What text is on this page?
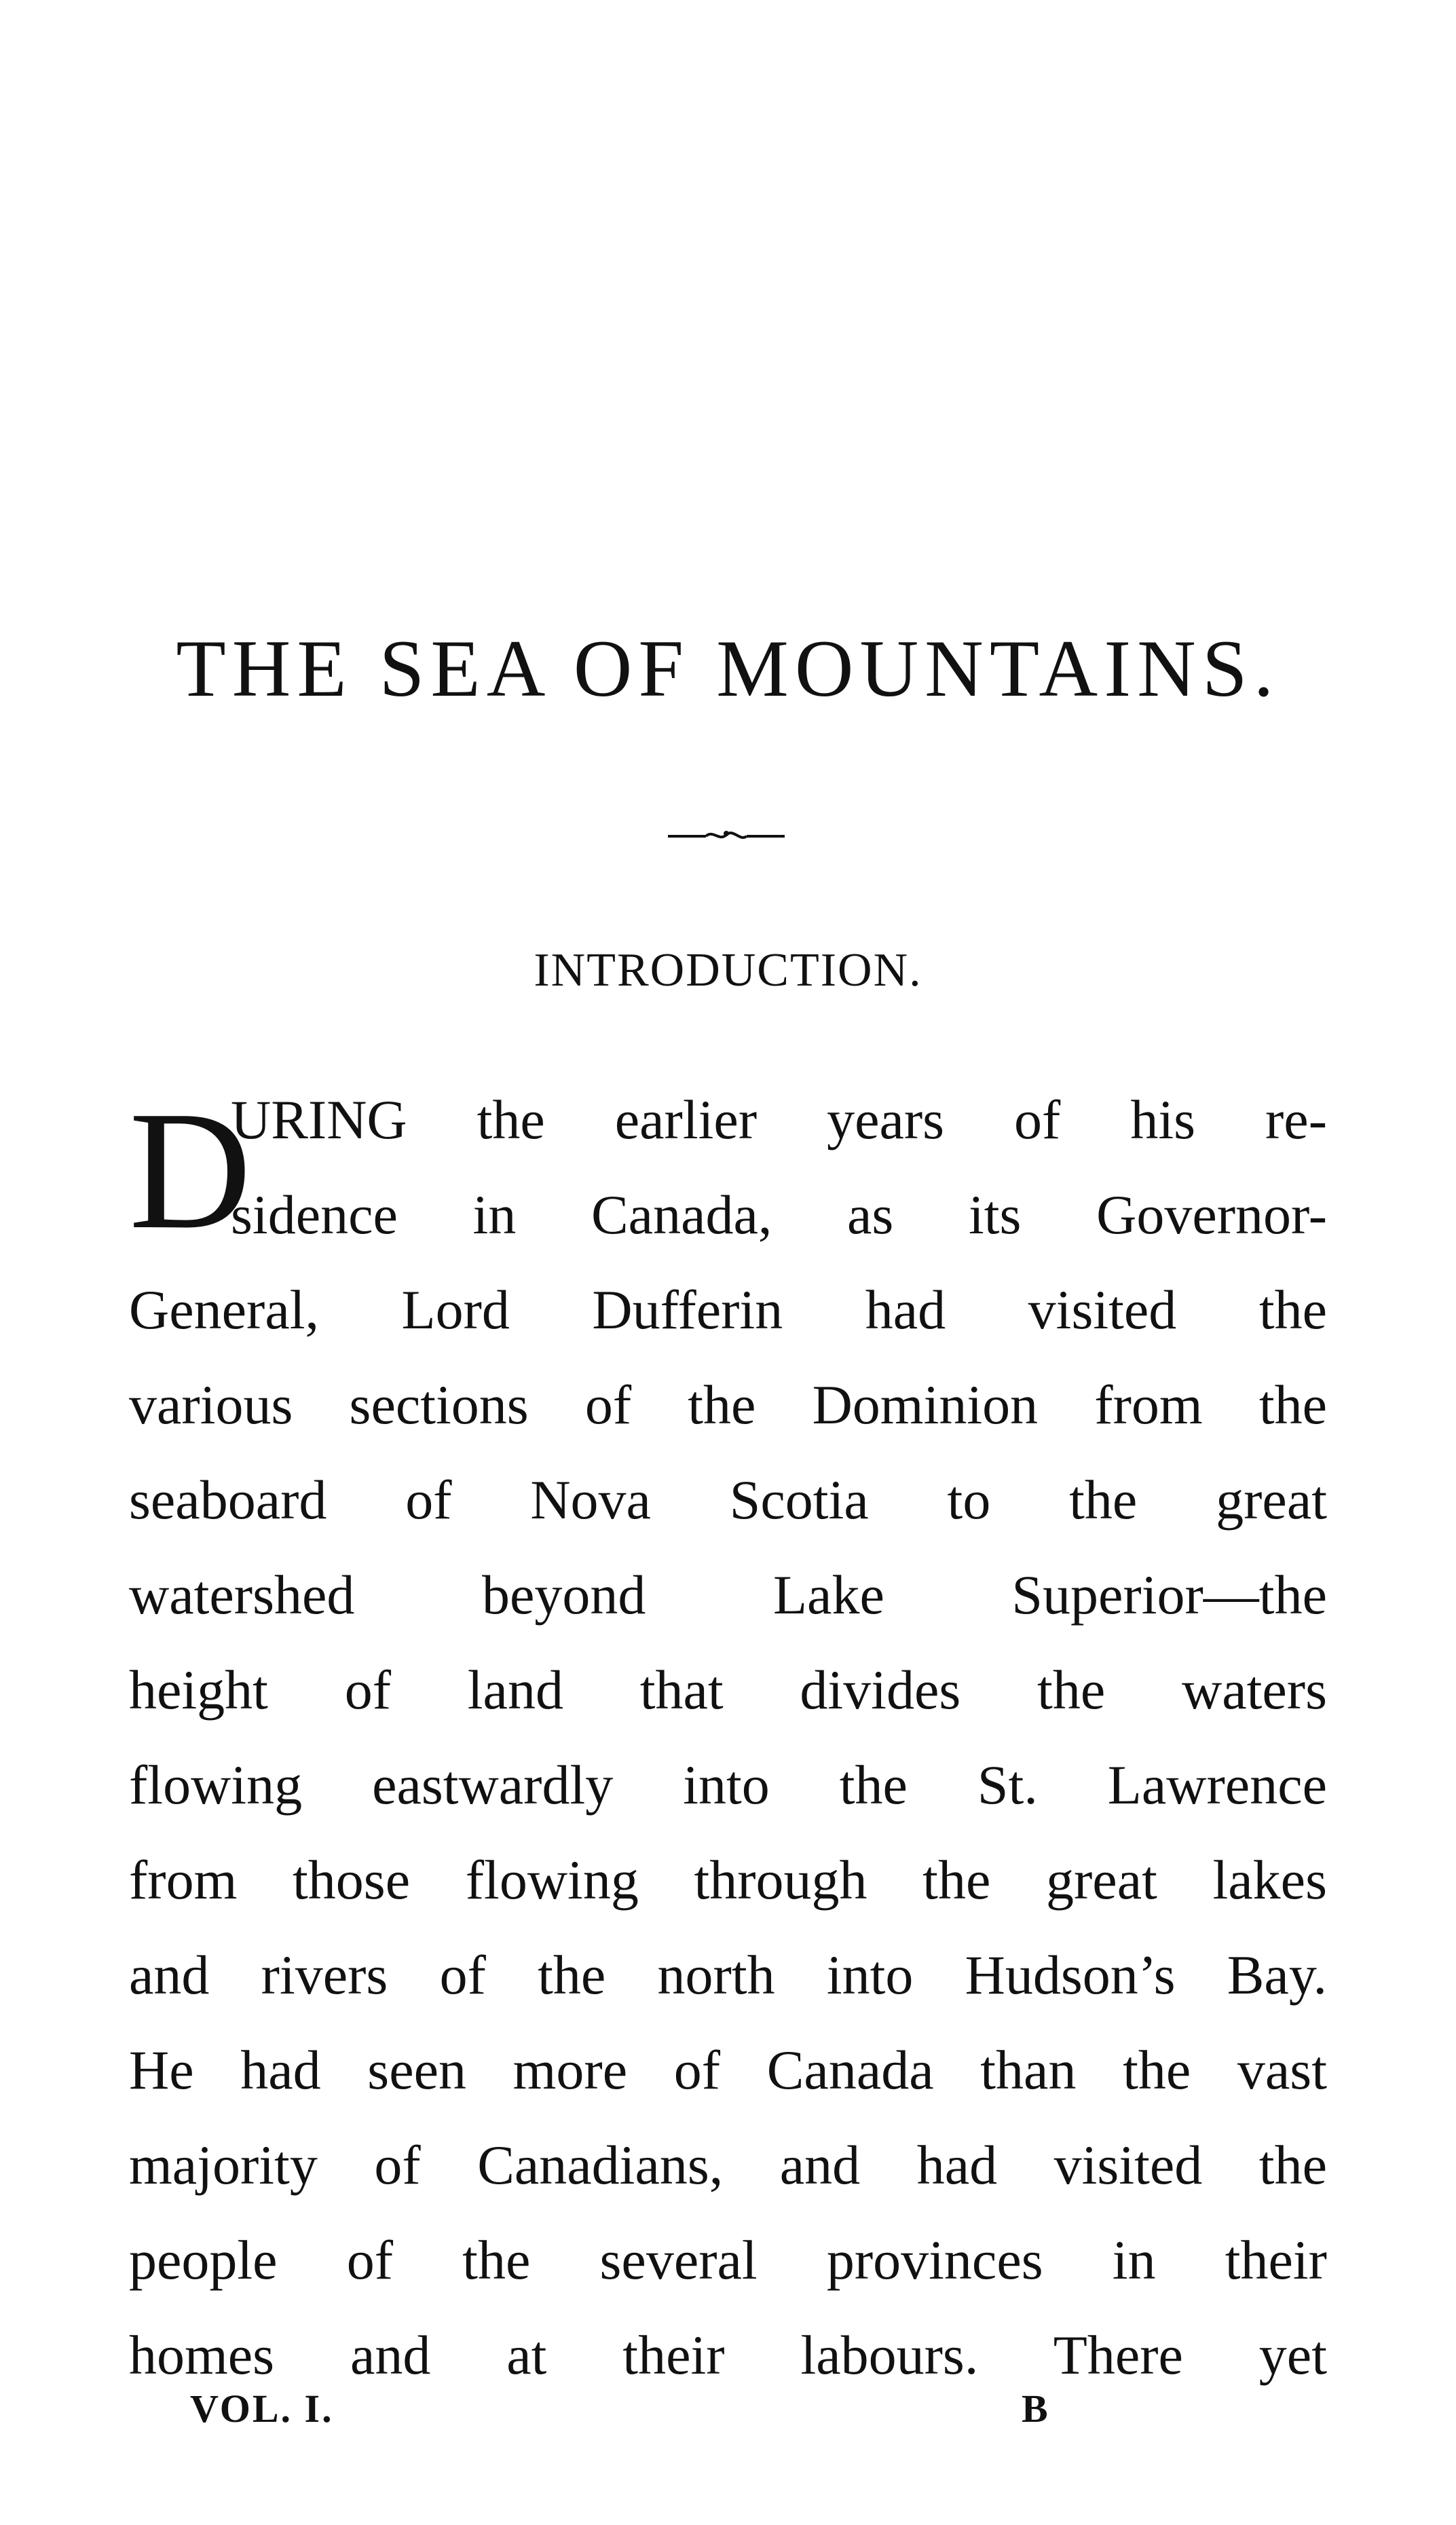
THE SEA OF MOUNTAINS.
INTRODUCTION.
D
URING the earlier years of his re-
sidence in Canada, as its Governor-
General, Lord Dufferin had visited the
various sections of the Dominion from the
seaboard of Nova Scotia to the great
watershed beyond Lake Superior—the
height of land that divides the waters
flowing eastwardly into the St. Lawrence
from those flowing through the great lakes
and rivers of the north into Hudson’s Bay.
He had seen more of Canada than the vast
majority of Canadians, and had visited the
people of the several provinces in their
homes and at their labours. There yet
VOL. I.	B
